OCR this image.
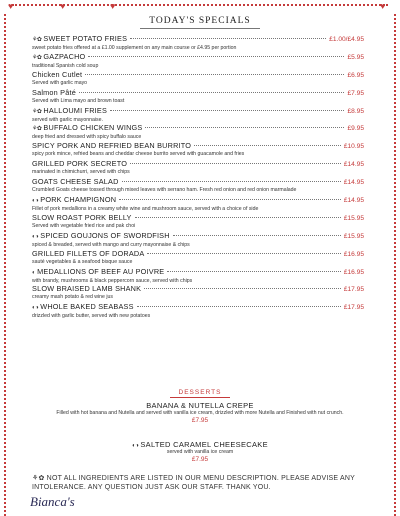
♥	♥	♥	♥
TODAY'S SPECIALS
⚘✿ SWEET POTATO FRIES	£1.00/£4.95
sweet potato fries offered at a £1.00 supplement on any main course or £4.95 per portion
⚘✿ GAZPACHO	£5.95
traditional Spanish cold soup
Chicken Cutlet	£6.95
Served with garlic mayo
Salmon Pâté	£7.95
Served with Lima mayo and brown toast
⚘✿ HALLOUMI FRIES	£8.95
served with garlic mayonnaise.
⚘✿ BUFFALO CHICKEN WINGS	£9.95
deep fried and dressed with spicy buffalo sauce
SPICY PORK AND REFRIED BEAN BURRITO	£10.95
spicy pork mince, refried beans and cheddar cheese burrito served with guacamole and fries
GRILLED PORK SECRETO	£14.95
marinated in chimichurri, served with chips
GOATS CHEESE SALAD	£14.95
Crumbled Goats cheese tossed through mixed leaves with serrano ham. Fresh red onion and red onion marmalade
◐◑ PORK CHAMPIGNON	£14.95
Fillet of pork medallions in a creamy white wine and mushroom sauce, served with a choice of side
SLOW ROAST PORK BELLY	£15.95
Served with vegetable fried rice and pak choi
◐◑ SPICED GOUJONS OF SWORDFISH	£15.95
spiced & breaded, served with mango and curry mayonnaise & chips
GRILLED FILLETS OF DORADA	£16.95
sauté vegetables & a seafood bisque sauce
◐ MEDALLIONS OF BEEF AU POIVRE	£16.95
with brandy, mushrooms & black peppercorn sauce, served with chips
SLOW BRAISED LAMB SHANK	£17.95
creamy mash potato & red wine jus
◐◑ WHOLE BAKED SEABASS	£17.95
drizzled with garlic butter, served with new potatoes
DESSERTS
BANANA & NUTELLA CREPE
Filled with hot banana and Nutella and served with vanilla ice cream, drizzled with more Nutella and Finished with nut crunch.
£7.95
◐◑ SALTED CARAMEL CHEESECAKE
served with vanilla ice cream
£7.95
⚘✿ NOT ALL INGREDIENTS ARE LISTED IN OUR MENU DESCRIPTION. PLEASE ADVISE ANY INTOLERANCE. ANY QUESTION JUST ASK OUR STAFF. THANK YOU.
Bianca's
